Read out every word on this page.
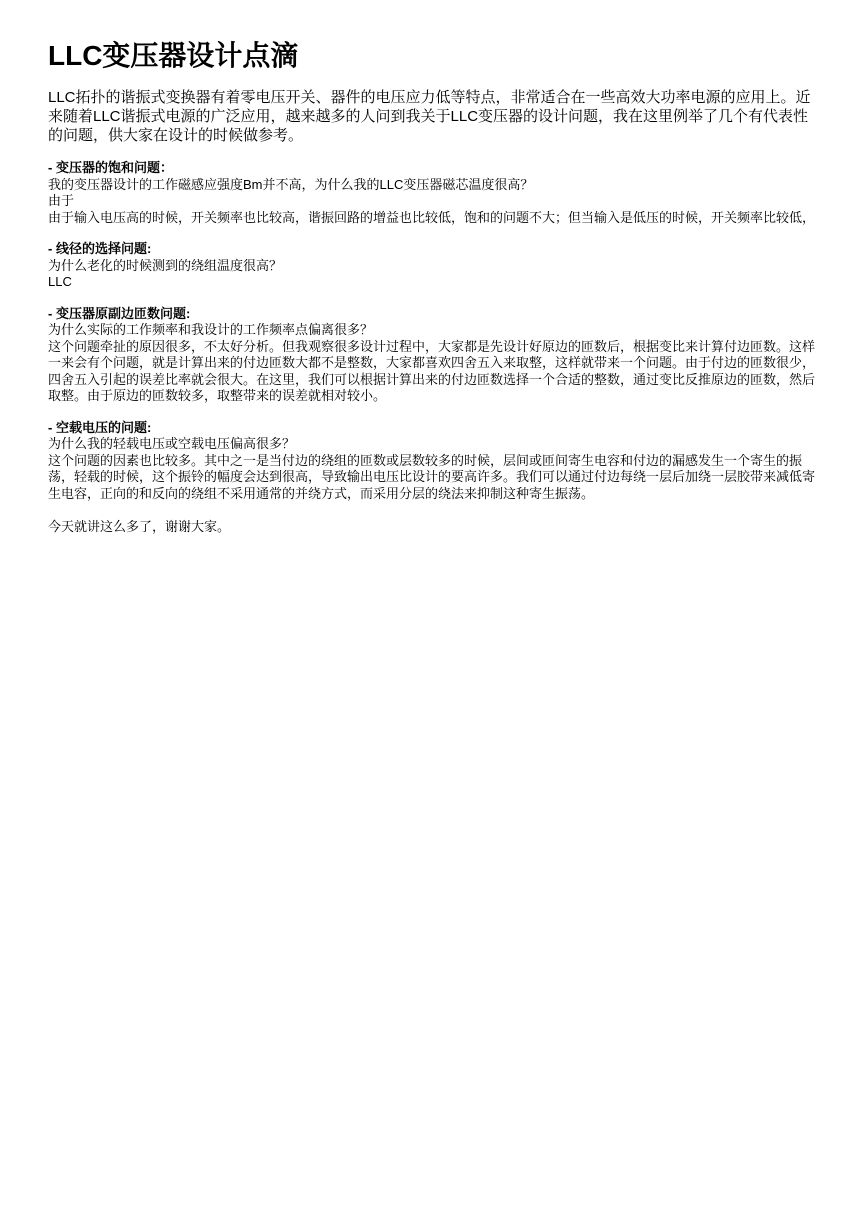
LLC变压器设计点滴

LLC拓扑的谐振式变换器有着零电压开关、器件的电压应力低等特点，非常适合在一些高效大功率电源的应用上。近来随着LLC谐振式电源的广泛应用，越来越多的人问到我关于LLC变压器的设计问题，我在这里例举了几个有代表性的问题，供大家在设计的时候做参考。

- 变压器的饱和问题：
我的变压器设计的工作磁感应强度Bm并不高，为什么我的LLC变压器磁芯温度很高？
由于
由于输入电压高的时候，开关频率也比较高，谐振回路的增益也比较低，饱和的问题不大；但当输入是低压的时候，开关频率比较低，
- 线径的选择问题:
为什么老化的时候测到的绕组温度很高？
LLC
- 变压器原副边匝数问题:
为什么实际的工作频率和我设计的工作频率点偏离很多？
这个问题牵扯的原因很多，不太好分析。但我观察很多设计过程中，大家都是先设计好原边的匝数后，根据变比来计算付边匝数。这样一来会有个问题，就是计算出来的付边匝数大都不是整数，大家都喜欢四舍五入来取整，这样就带来一个问题。由于付边的匝数很少，四舍五入引起的误差比率就会很大。在这里，我们可以根据计算出来的付边匝数选择一个合适的整数，通过变比反推原边的匝数，然后取整。由于原边的匝数较多，取整带来的误差就相对较小。
- 空载电压的问题:
为什么我的轻载电压或空载电压偏高很多？
这个问题的因素也比较多。其中之一是当付边的绕组的匝数或层数较多的时候，层间或匝间寄生电容和付边的漏感发生一个寄生的振荡，轻载的时候，这个振铃的幅度会达到很高，导致输出电压比设计的要高许多。我们可以通过付边每绕一层后加绕一层胶带来减低寄生电容，正向的和反向的绕组不采用通常的并绕方式，而采用分层的绕法来抑制这种寄生振荡。
今天就讲这么多了，谢谢大家。
